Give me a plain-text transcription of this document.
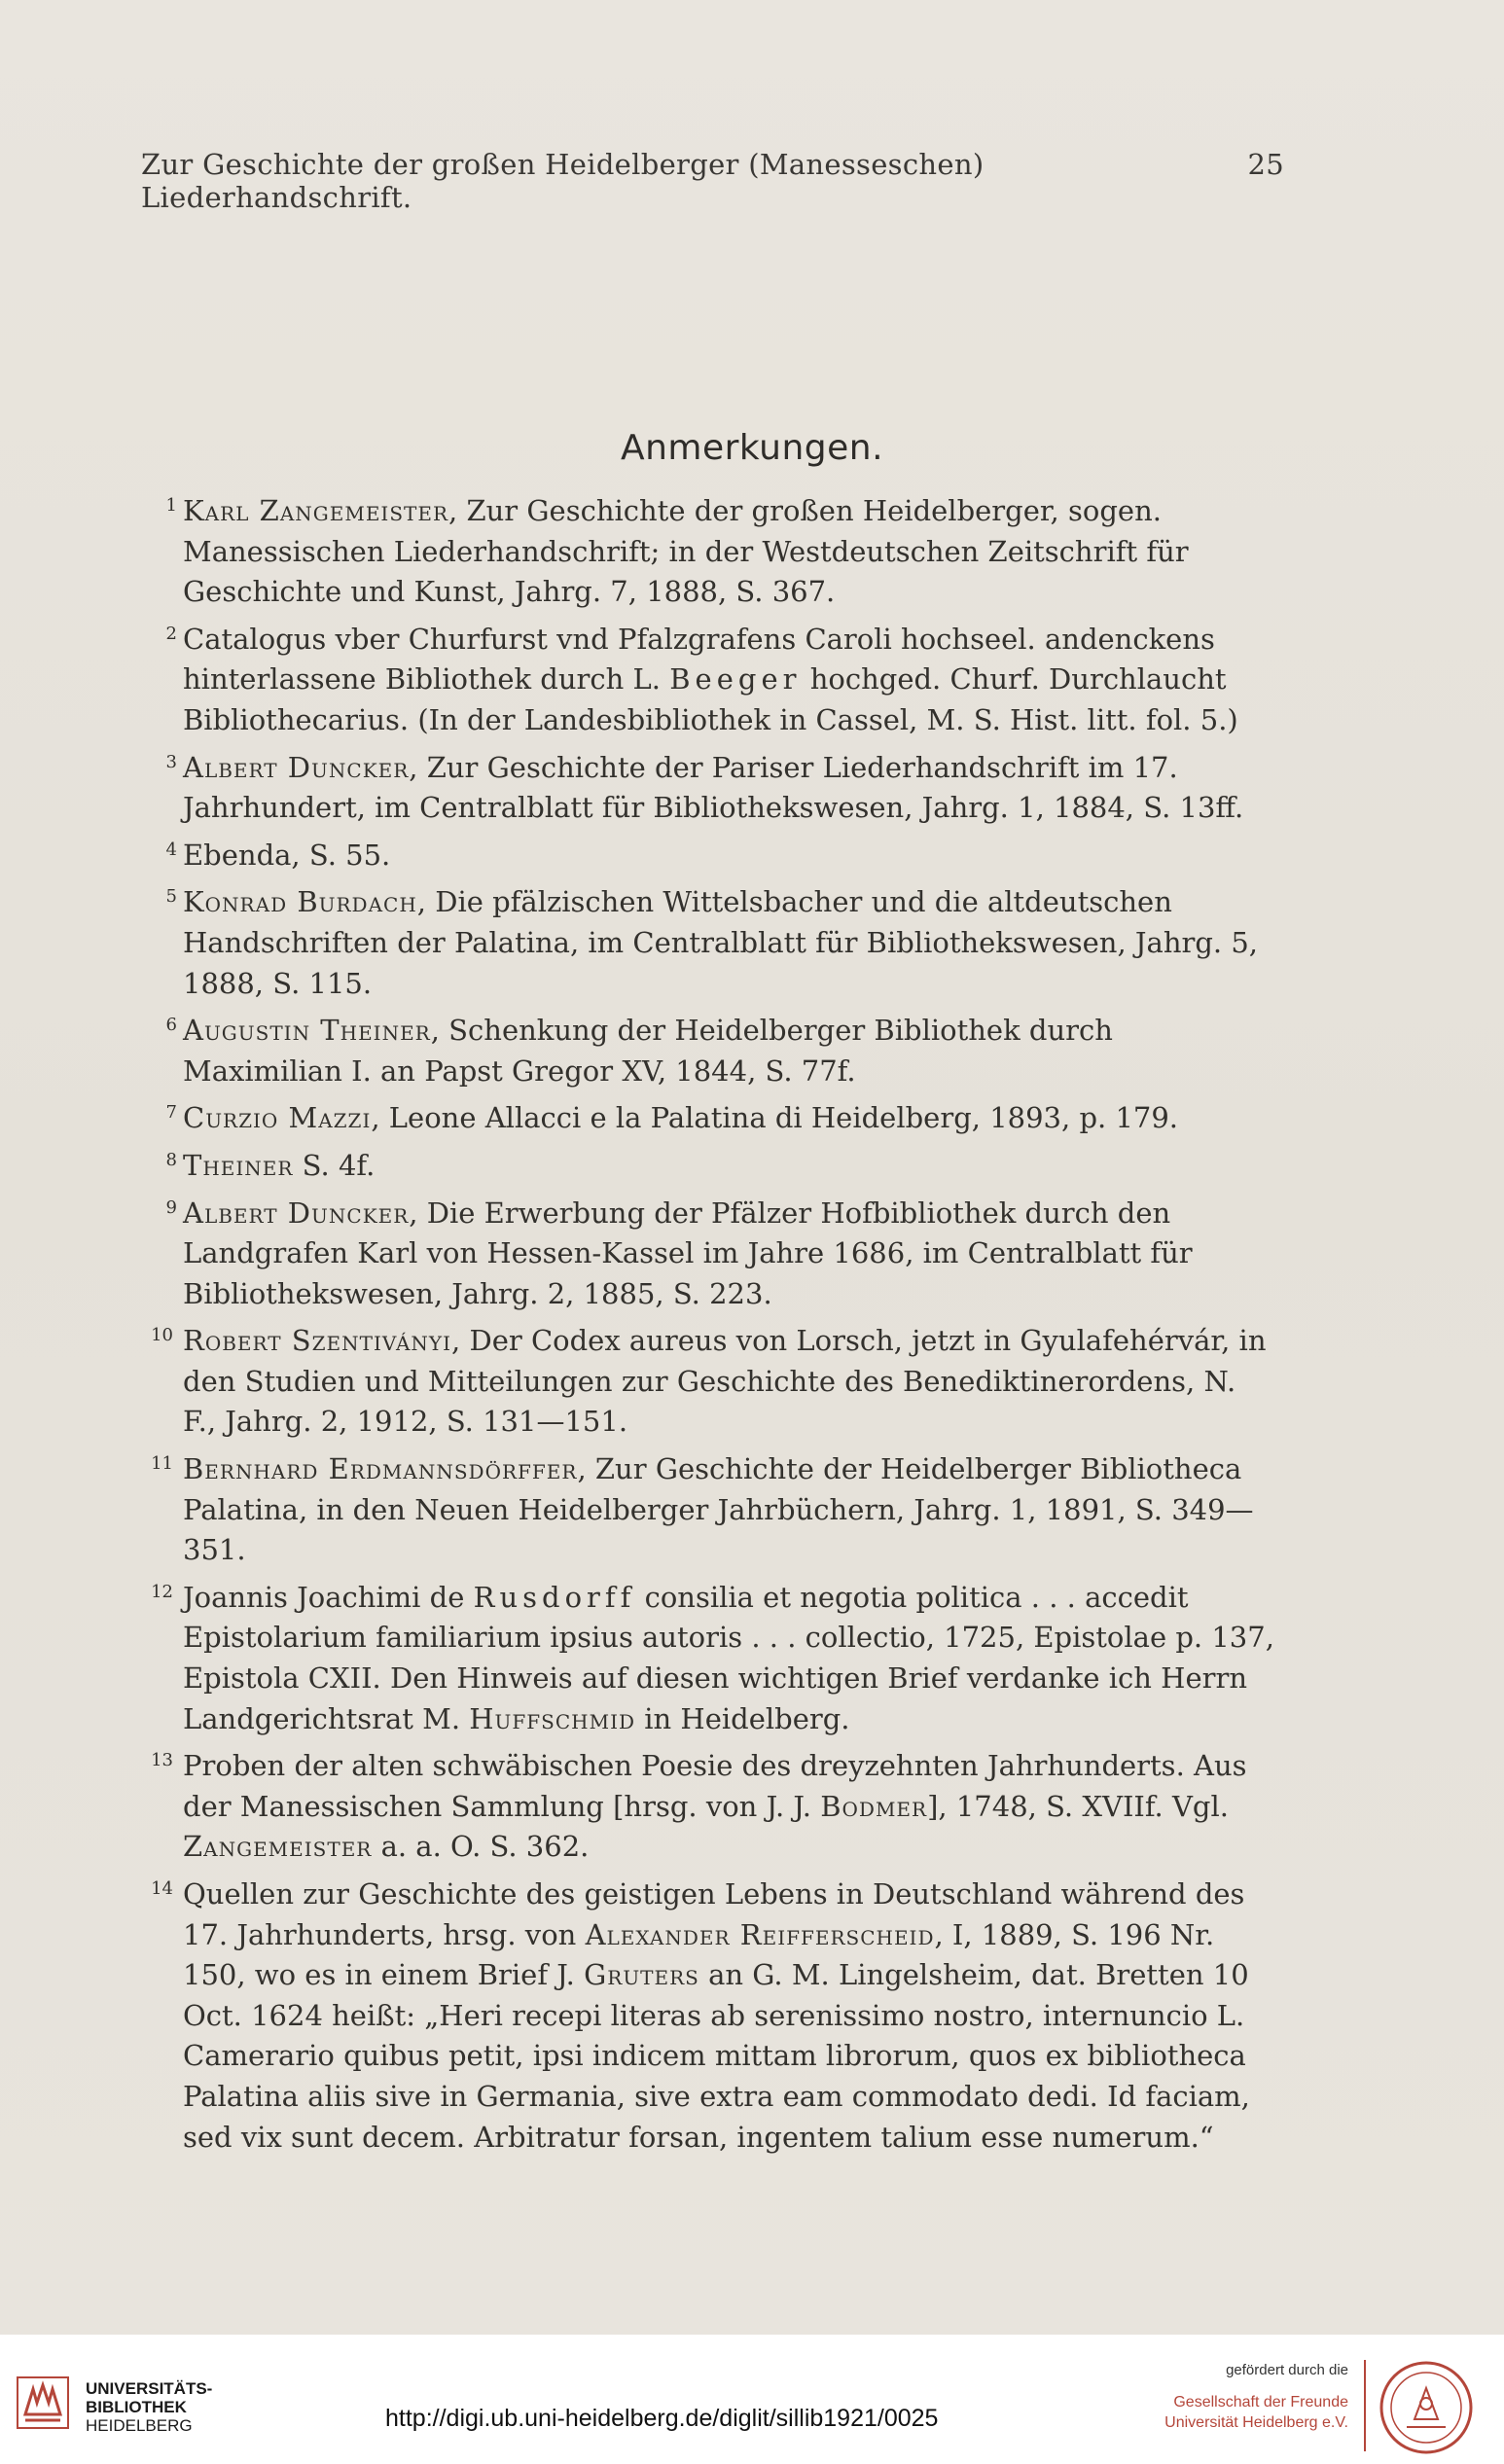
Zur Geschichte der großen Heidelberger (Manesseschen) Liederhandschrift.
25
Anmerkungen.
1 Karl Zangemeister, Zur Geschichte der großen Heidelberger, sogen. Manessischen Liederhandschrift; in der Westdeutschen Zeitschrift für Geschichte und Kunst, Jahrg. 7, 1888, S. 367.
2 Catalogus vber Churfurst vnd Pfalzgrafens Caroli hochseel. andenckens hinterlassene Bibliothek durch L. Beeger hochged. Churf. Durchlaucht Bibliothecarius. (In der Landesbibliothek in Cassel, M. S. Hist. litt. fol. 5.)
3 Albert Duncker, Zur Geschichte der Pariser Liederhandschrift im 17. Jahrhundert, im Centralblatt für Bibliothekswesen, Jahrg. 1, 1884, S. 13ff.
4 Ebenda, S. 55.
5 Konrad Burdach, Die pfälzischen Wittelsbacher und die altdeutschen Handschriften der Palatina, im Centralblatt für Bibliothekswesen, Jahrg. 5, 1888, S. 115.
6 Augustin Theiner, Schenkung der Heidelberger Bibliothek durch Maximilian I. an Papst Gregor XV, 1844, S. 77f.
7 Curzio Mazzi, Leone Allacci e la Palatina di Heidelberg, 1893, p. 179.
8 Theiner S. 4f.
9 Albert Duncker, Die Erwerbung der Pfälzer Hofbibliothek durch den Landgrafen Karl von Hessen-Kassel im Jahre 1686, im Centralblatt für Bibliothekswesen, Jahrg. 2, 1885, S. 223.
10 Robert Szentiványi, Der Codex aureus von Lorsch, jetzt in Gyulafehérvár, in den Studien und Mitteilungen zur Geschichte des Benediktinerordens, N. F., Jahrg. 2, 1912, S. 131—151.
11 Bernhard Erdmannsdörffer, Zur Geschichte der Heidelberger Bibliotheca Palatina, in den Neuen Heidelberger Jahrbüchern, Jahrg. 1, 1891, S. 349—351.
12 Joannis Joachimi de Rusdorff consilia et negotia politica . . . accedit Epistolarium familiarium ipsius autoris . . . collectio, 1725, Epistolae p. 137, Epistola CXII. Den Hinweis auf diesen wichtigen Brief verdanke ich Herrn Landgerichtsrat M. Huffschmid in Heidelberg.
13 Proben der alten schwäbischen Poesie des dreyzehnten Jahrhunderts. Aus der Manessischen Sammlung [hrsg. von J. J. Bodmer], 1748, S. XVIIf. Vgl. Zangemeister a. a. O. S. 362.
14 Quellen zur Geschichte des geistigen Lebens in Deutschland während des 17. Jahrhunderts, hrsg. von Alexander Reifferscheid, I, 1889, S. 196 Nr. 150, wo es in einem Brief J. Gruters an G. M. Lingelsheim, dat. Bretten 10 Oct. 1624 heißt: „Heri recepi literas ab serenissimo nostro, internuncio L. Camerario quibus petit, ipsi indicem mittam librorum, quos ex bibliotheca Palatina aliis sive in Germania, sive extra eam commodato dedi. Id faciam, sed vix sunt decem. Arbitratur forsan, ingentem talium esse numerum.“
UNIVERSITÄTS-
BIBLIOTHEK
HEIDELBERG	http://digi.ub.uni-heidelberg.de/diglit/sillib1921/0025
gefördert durch die
Gesellschaft der Freunde
Universität Heidelberg e.V.
